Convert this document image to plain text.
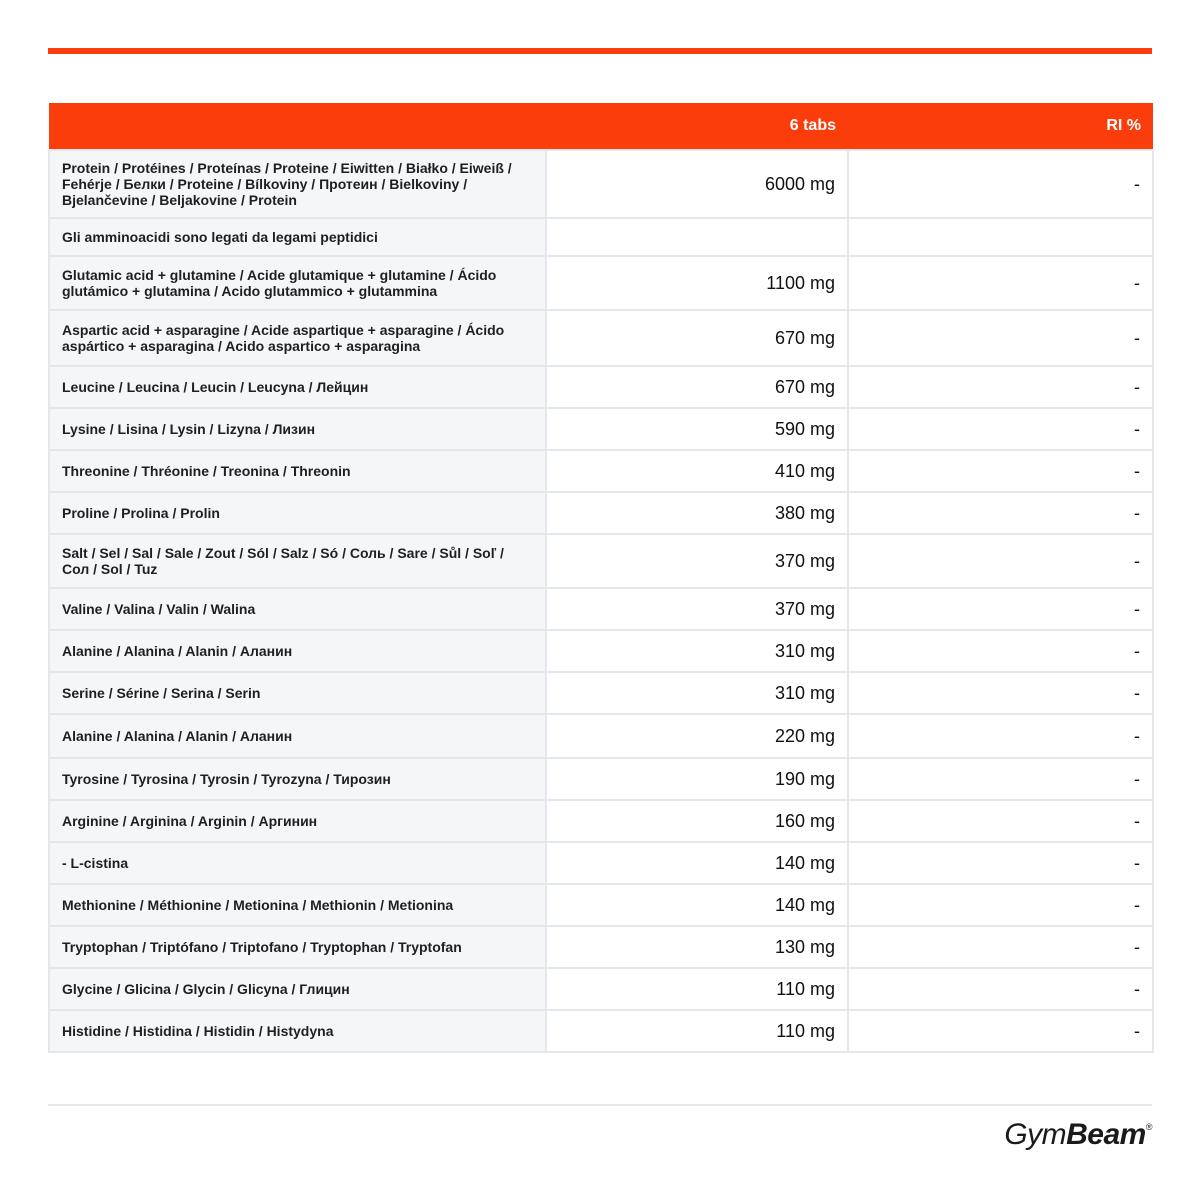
	6 tabs	RI %
Protein / Protéines / Proteínas / Proteine / Eiwitten / Białko / Eiweiß / Fehérje / Белки / Proteine / Bílkoviny / Протеин / Bielkoviny / Bjelančevine / Beljakovine / Protein	6000 mg	-
Gli amminoacidi sono legati da legami peptidici		
Glutamic acid + glutamine / Acide glutamique + glutamine / Ácido glutámico + glutamina / Acido glutammico + glutammina	1100 mg	-
Aspartic acid + asparagine / Acide aspartique + asparagine / Ácido aspártico + asparagina / Acido aspartico + asparagina	670 mg	-
Leucine / Leucina / Leucin / Leucyna / Лейцин	670 mg	-
Lysine / Lisina / Lysin / Lizyna / Лизин	590 mg	-
Threonine / Thréonine / Treonina / Threonin	410 mg	-
Proline / Prolina / Prolin	380 mg	-
Salt / Sel / Sal / Sale / Zout / Sól / Salz / Só / Соль / Sare / Sůl / Soľ / Сол / Sol / Tuz	370 mg	-
Valine / Valina / Valin / Walina	370 mg	-
Alanine / Alanina / Alanin / Аланин	310 mg	-
Serine / Sérine / Serina / Serin	310 mg	-
Alanine / Alanina / Alanin / Аланин	220 mg	-
Tyrosine / Tyrosina / Tyrosin / Tyrozyna / Тирозин	190 mg	-
Arginine / Arginina / Arginin / Аргинин	160 mg	-
- L-cistina	140 mg	-
Methionine / Méthionine / Metionina / Methionin / Metionina	140 mg	-
Tryptophan / Triptófano / Triptofano / Tryptophan / Tryptofan	130 mg	-
Glycine / Glicina / Glycin / Glicyna / Глицин	110 mg	-
Histidine / Histidina / Histidin / Histydyna	110 mg	-
GymBeam®
